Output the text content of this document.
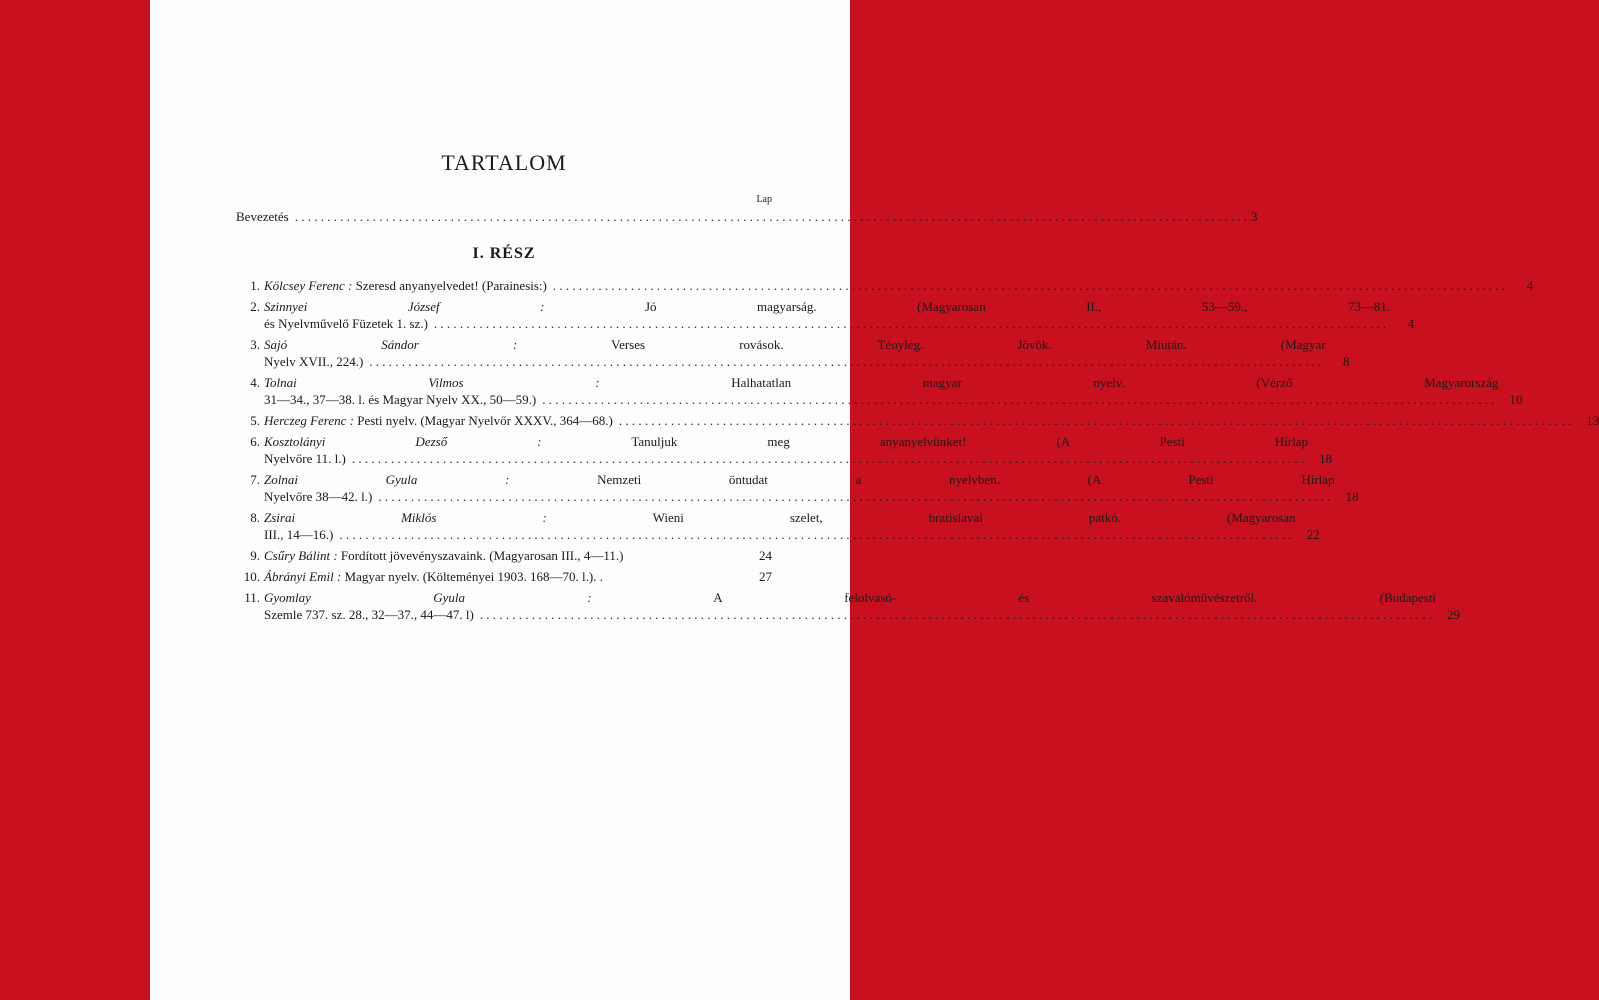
TARTALOM
Lap
Bevezetés . . .	3
I. RÉSZ
1. Kölcsey Ferenc : Szeresd anyanyelvedet! (Parainesis:) . . .	4
2. Szinnyei József : Jó magyarság. (Magyarosan II., 53—59., 73—81.
és Nyelvművelő Füzetek 1. sz.) . . .	4
3. Sajó Sándor : Verses rovások. Tényleg. Jövök. Miután. (Magyar
Nyelv XVII., 224.) . . .	8
4. Tolnai Vilmos : Halhatatlan magyar nyelv. (Vérző Magyarország
31—34., 37—38. l. és Magyar Nyelv XX., 50—59.) . . .	10
5. Herczeg Ferenc : Pesti nyelv. (Magyar Nyelvőr XXXV., 364—68.) . . .	13
6. Kosztolányi Dezső : Tanuljuk meg anyanyelvünket! (A Pesti Hírlap
Nyelvőre 11. l.) . . .	18
7. Zolnai Gyula : Nemzeti öntudat a nyelvben. (A Pesti Hírlap
Nyelvőre 38—42. l.) . . .	18
8. Zsirai Miklós : Wieni szelet, bratislavai patkó. (Magyarosan
III., 14—16.) . . .	22
9. Csűry Bálint : Fordított jövevényszavaink. (Magyarosan III., 4—11.)	24
10. Ábrányi Emil : Magyar nyelv. (Költeményei 1903. 168—70. l.). .	27
11. Gyomlay Gyula : A felolvasó- és szavalóművészetről. (Budapesti
Szemle 737. sz. 28., 32—37., 44—47. l) . . .	29
